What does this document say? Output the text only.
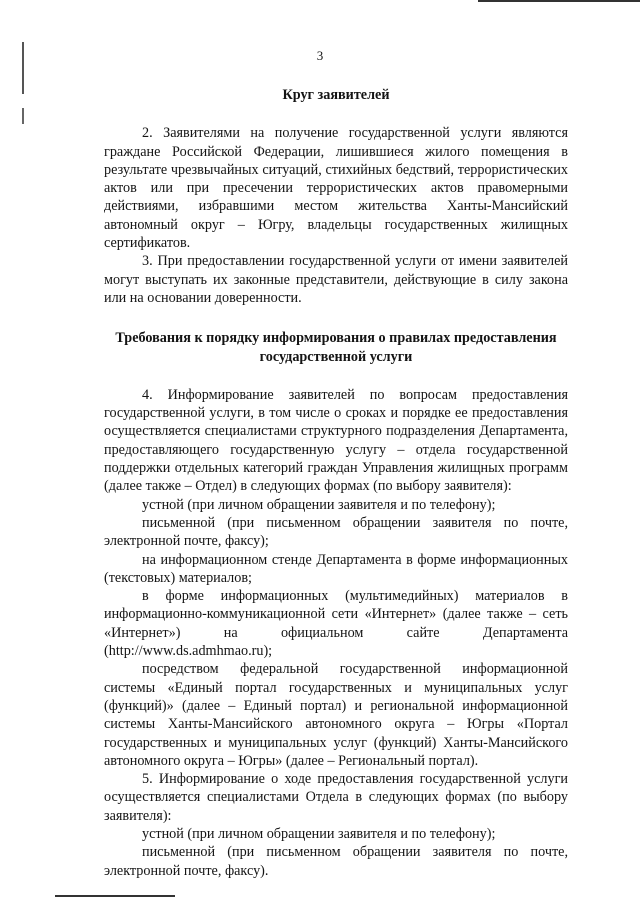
3

Круг заявителей

2. Заявителями на получение государственной услуги являются граждане Российской Федерации, лишившиеся жилого помещения в результате чрезвычайных ситуаций, стихийных бедствий, террористических актов или при пресечении террористических актов правомерными действиями, избравшими местом жительства Ханты-Мансийский автономный округ – Югру, владельцы государственных жилищных сертификатов.

3. При предоставлении государственной услуги от имени заявителей могут выступать их законные представители, действующие в силу закона или на основании доверенности.

Требования к порядку информирования о правилах предоставления государственной услуги

4. Информирование заявителей по вопросам предоставления государственной услуги, в том числе о сроках и порядке ее предоставления осуществляется специалистами структурного подразделения Департамента, предоставляющего государственную услугу – отдела государственной поддержки отдельных категорий граждан Управления жилищных программ (далее также – Отдел) в следующих формах (по выбору заявителя):

устной (при личном обращении заявителя и по телефону);

письменной (при письменном обращении заявителя по почте, электронной почте, факсу);

на информационном стенде Департамента в форме информационных (текстовых) материалов;

в форме информационных (мультимедийных) материалов в информационно-коммуникационной сети «Интернет» (далее также – сеть «Интернет») на официальном сайте Департамента (http://www.ds.admhmao.ru);

посредством федеральной государственной информационной системы «Единый портал государственных и муниципальных услуг (функций)» (далее – Единый портал) и региональной информационной системы Ханты-Мансийского автономного округа – Югры «Портал государственных и муниципальных услуг (функций) Ханты-Мансийского автономного округа – Югры» (далее – Региональный портал).

5. Информирование о ходе предоставления государственной услуги осуществляется специалистами Отдела в следующих формах (по выбору заявителя):

устной (при личном обращении заявителя и по телефону);

письменной (при письменном обращении заявителя по почте, электронной почте, факсу).
